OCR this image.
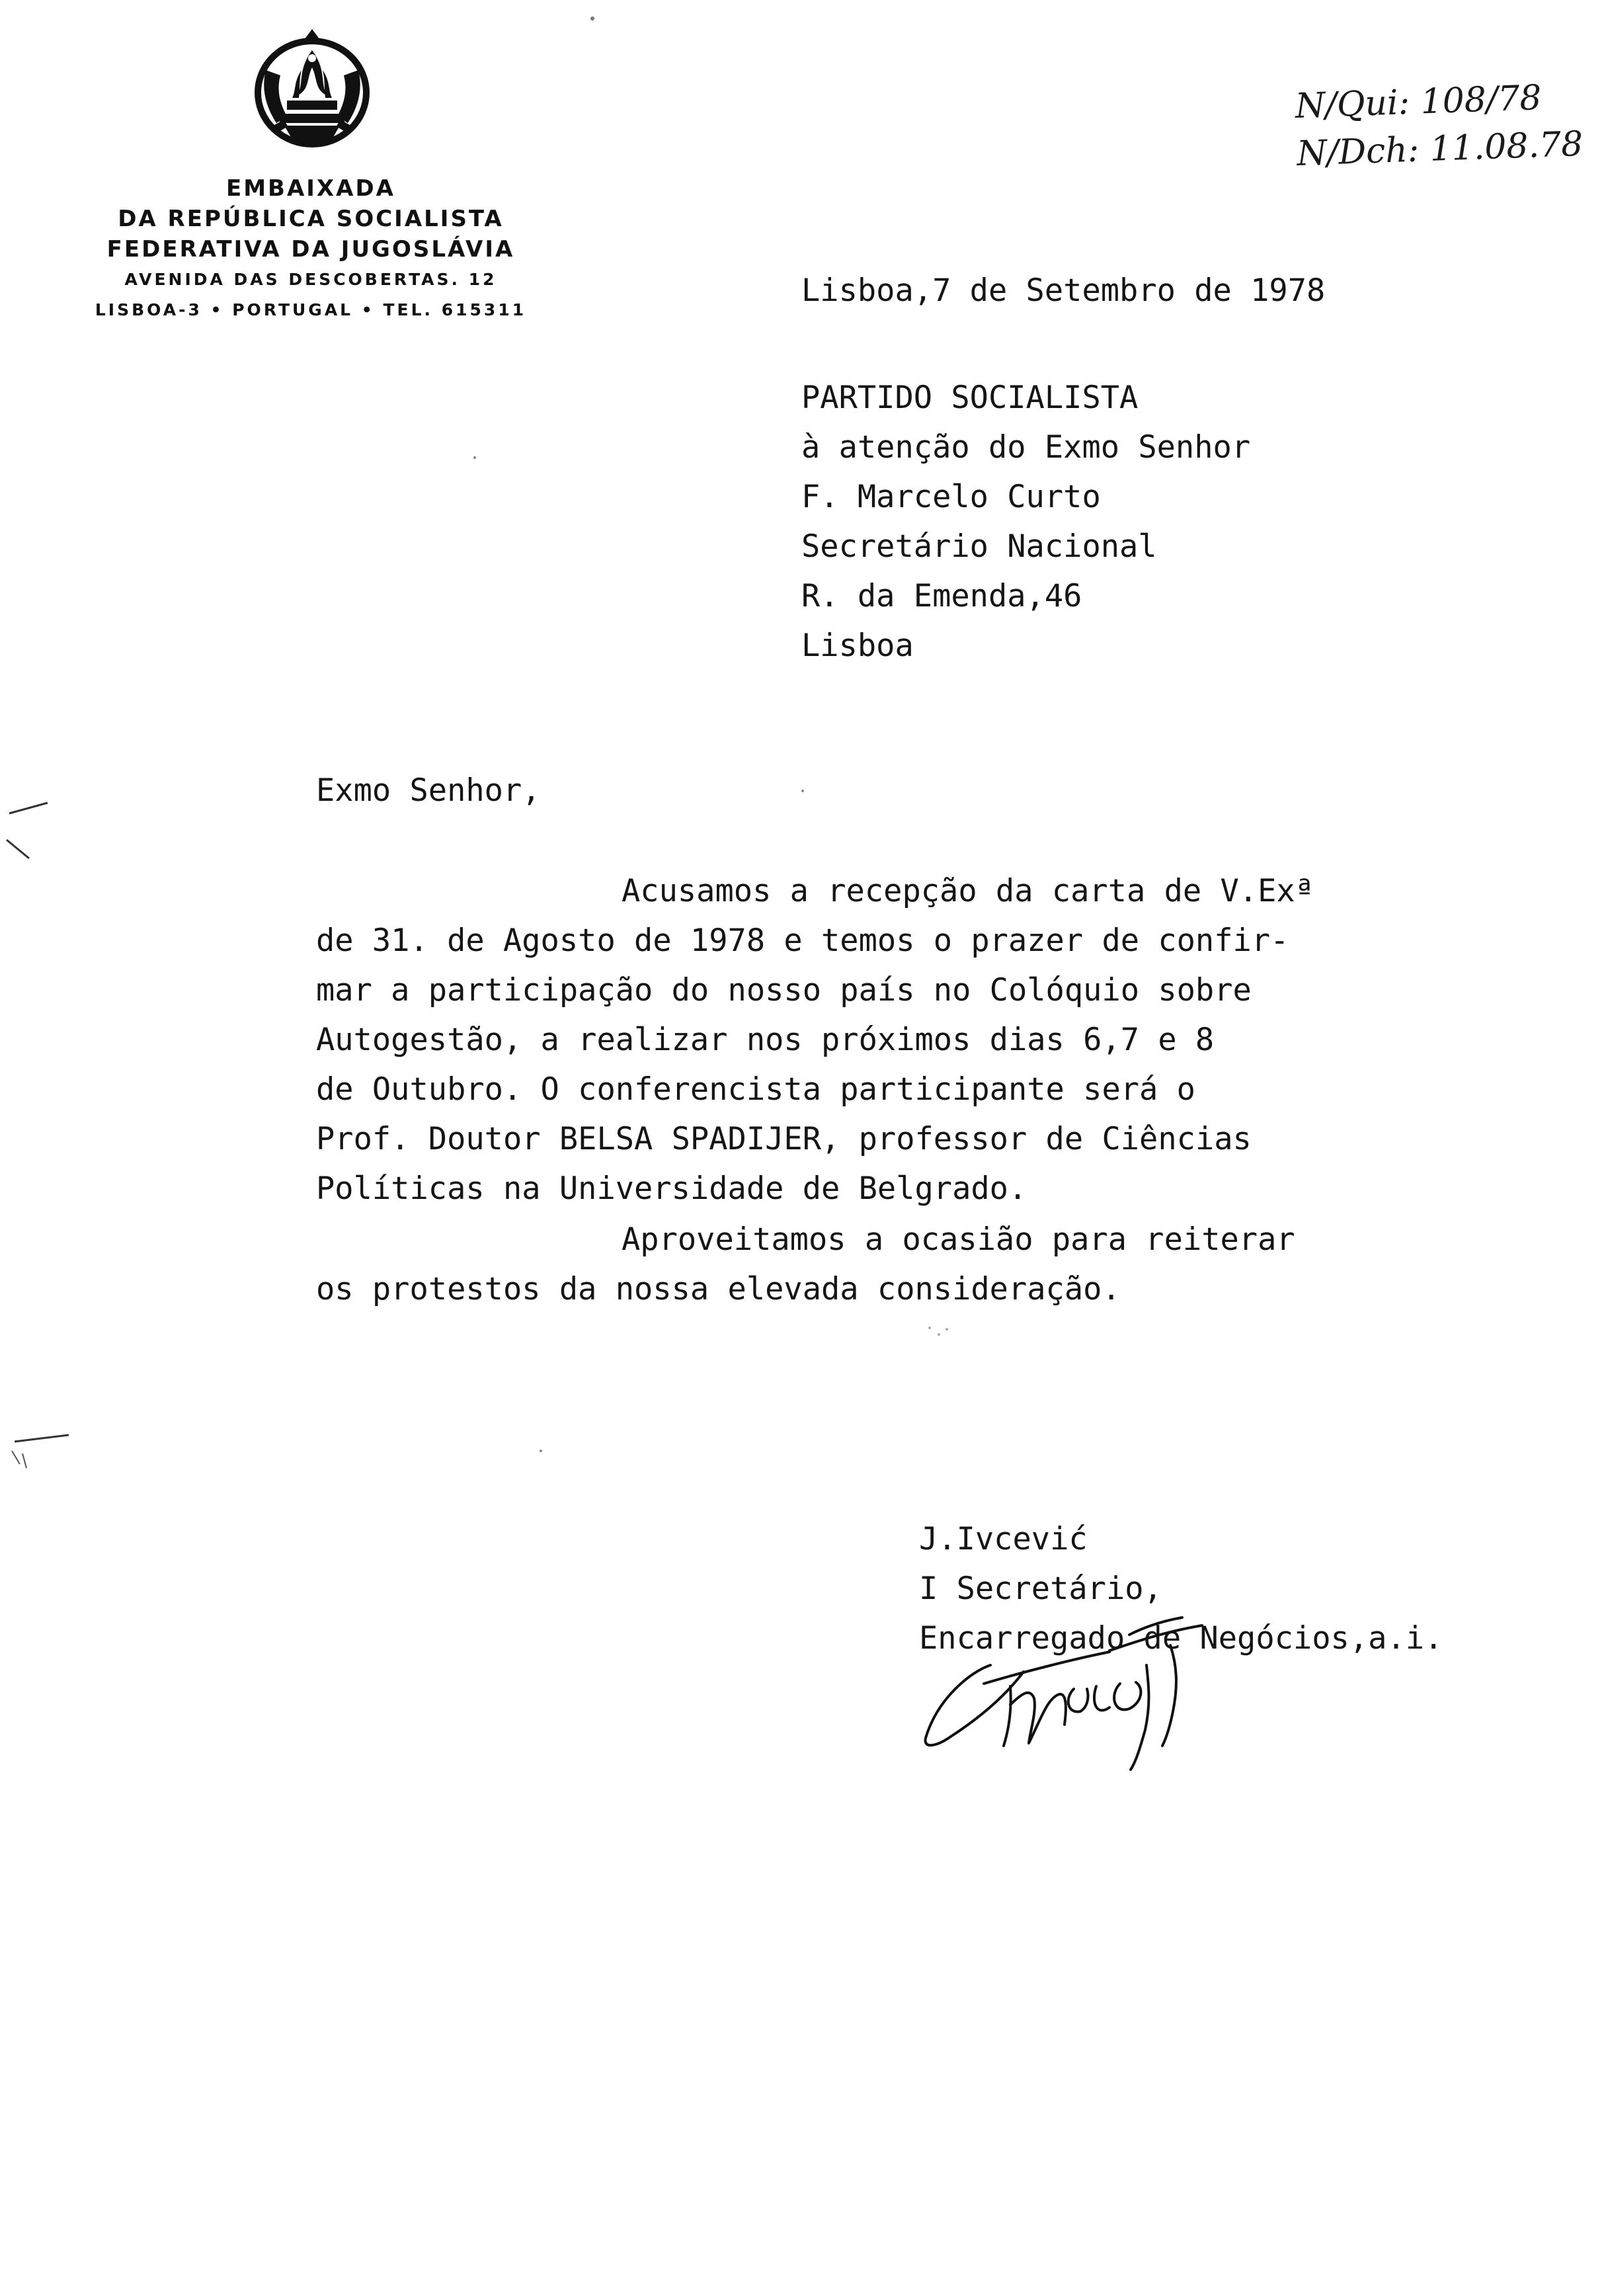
EMBAIXADA
DA REPÚBLICA SOCIALISTA
FEDERATIVA DA JUGOSLÁVIA
AVENIDA DAS DESCOBERTAS. 12
LISBOA-3 • PORTUGAL • TEL. 615311
N/Qui: 108/78
N/Dch: 11.08.78
Lisboa,7 de Setembro de 1978
PARTIDO SOCIALISTA
à atenção do Exmo Senhor
F. Marcelo Curto
Secretário Nacional
R. da Emenda,46
Lisboa
Exmo Senhor,
Acusamos a recepção da carta de V.Exª
de 31. de Agosto de 1978 e temos o prazer de confir-
mar a participação do nosso país no Colóquio sobre
Autogestão, a realizar nos próximos dias 6,7 e 8
de Outubro. O conferencista participante será o
Prof. Doutor BELSA SPADIJER, professor de Ciências
Políticas na Universidade de Belgrado.
Aproveitamos a ocasião para reiterar
os protestos da nossa elevada consideração.
J.Ivcević
I Secretário,
Encarregado de Negócios,a.i.
